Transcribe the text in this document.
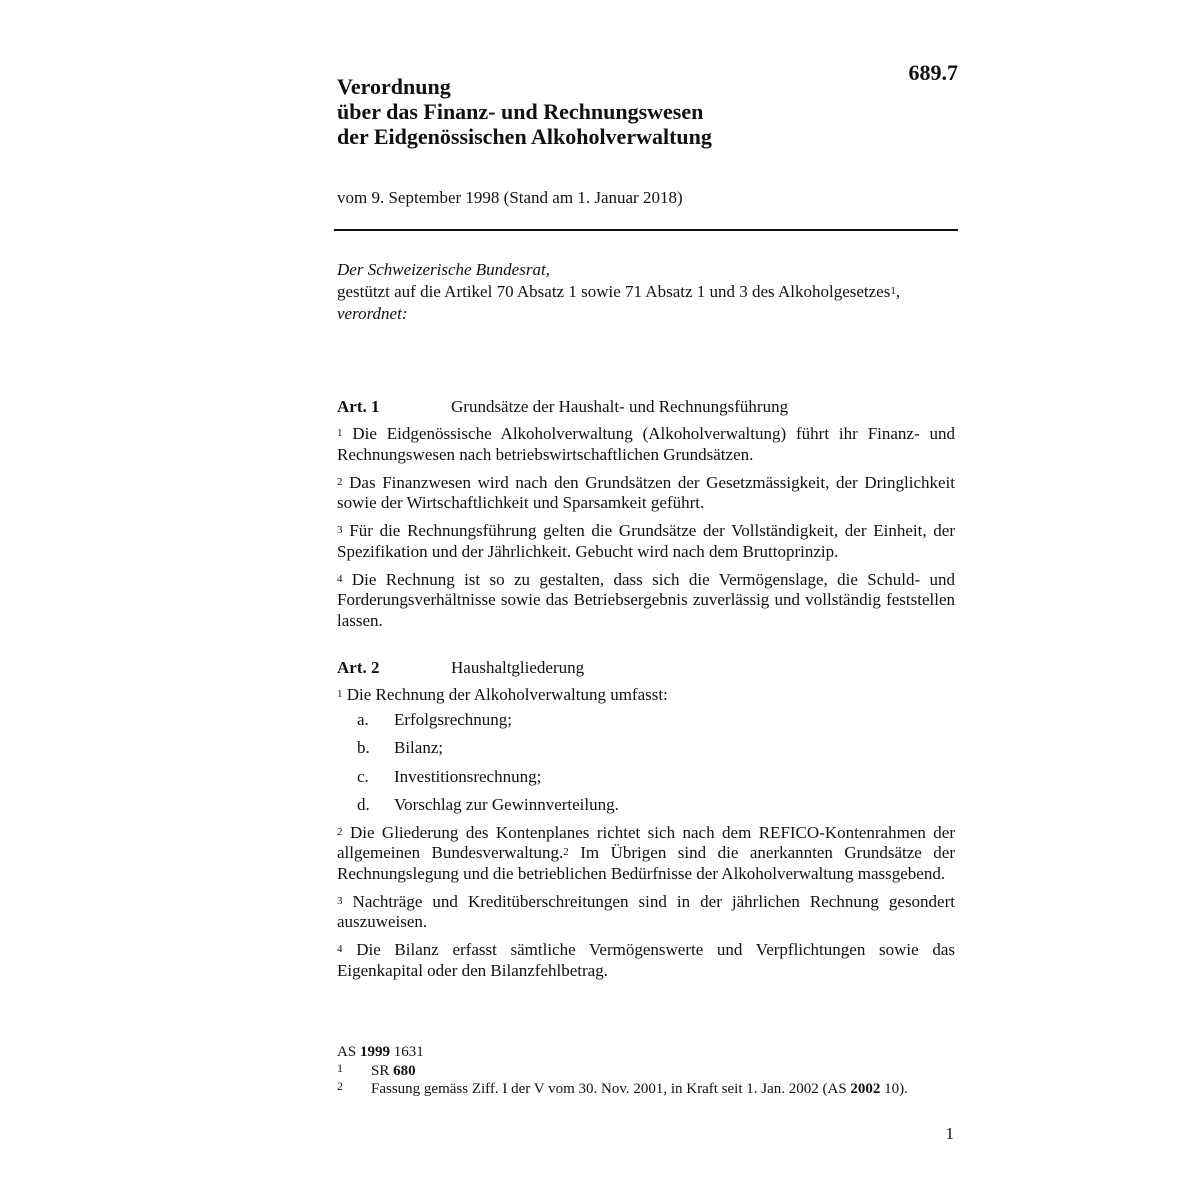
689.7
Verordnung
über das Finanz- und Rechnungswesen
der Eidgenössischen Alkoholverwaltung
vom 9. September 1998 (Stand am 1. Januar 2018)
Der Schweizerische Bundesrat,
gestützt auf die Artikel 70 Absatz 1 sowie 71 Absatz 1 und 3 des Alkoholgesetzes$^1$,
verordnet:
Art. 1	Grundsätze der Haushalt- und Rechnungsführung

$^1$ Die Eidgenössische Alkoholverwaltung (Alkoholverwaltung) führt ihr Finanz- und Rechnungswesen nach betriebswirtschaftlichen Grundsätzen.

$^2$ Das Finanzwesen wird nach den Grundsätzen der Gesetzmässigkeit, der Dringlichkeit sowie der Wirtschaftlichkeit und Sparsamkeit geführt.

$^3$ Für die Rechnungsführung gelten die Grundsätze der Vollständigkeit, der Einheit, der Spezifikation und der Jährlichkeit. Gebucht wird nach dem Bruttoprinzip.

$^4$ Die Rechnung ist so zu gestalten, dass sich die Vermögenslage, die Schuld- und Forderungsverhältnisse sowie das Betriebsergebnis zuverlässig und vollständig feststellen lassen.

Art. 2	Haushaltgliederung

$^1$ Die Rechnung der Alkoholverwaltung umfasst:

a. Erfolgsrechnung;
b. Bilanz;
c. Investitionsrechnung;
d. Vorschlag zur Gewinnverteilung.

$^2$ Die Gliederung des Kontenplanes richtet sich nach dem REFICO-Kontenrahmen der allgemeinen Bundesverwaltung.$^2$ Im Übrigen sind die anerkannten Grundsätze der Rechnungslegung und die betrieblichen Bedürfnisse der Alkoholverwaltung massgebend.

$^3$ Nachträge und Kreditüberschreitungen sind in der jährlichen Rechnung gesondert auszuweisen.

$^4$ Die Bilanz erfasst sämtliche Vermögenswerte und Verpflichtungen sowie das Eigenkapital oder den Bilanzfehlbetrag.

AS 1999 1631
1 SR 680
2 Fassung gemäss Ziff. I der V vom 30. Nov. 2001, in Kraft seit 1. Jan. 2002 (AS 2002 10).
1
